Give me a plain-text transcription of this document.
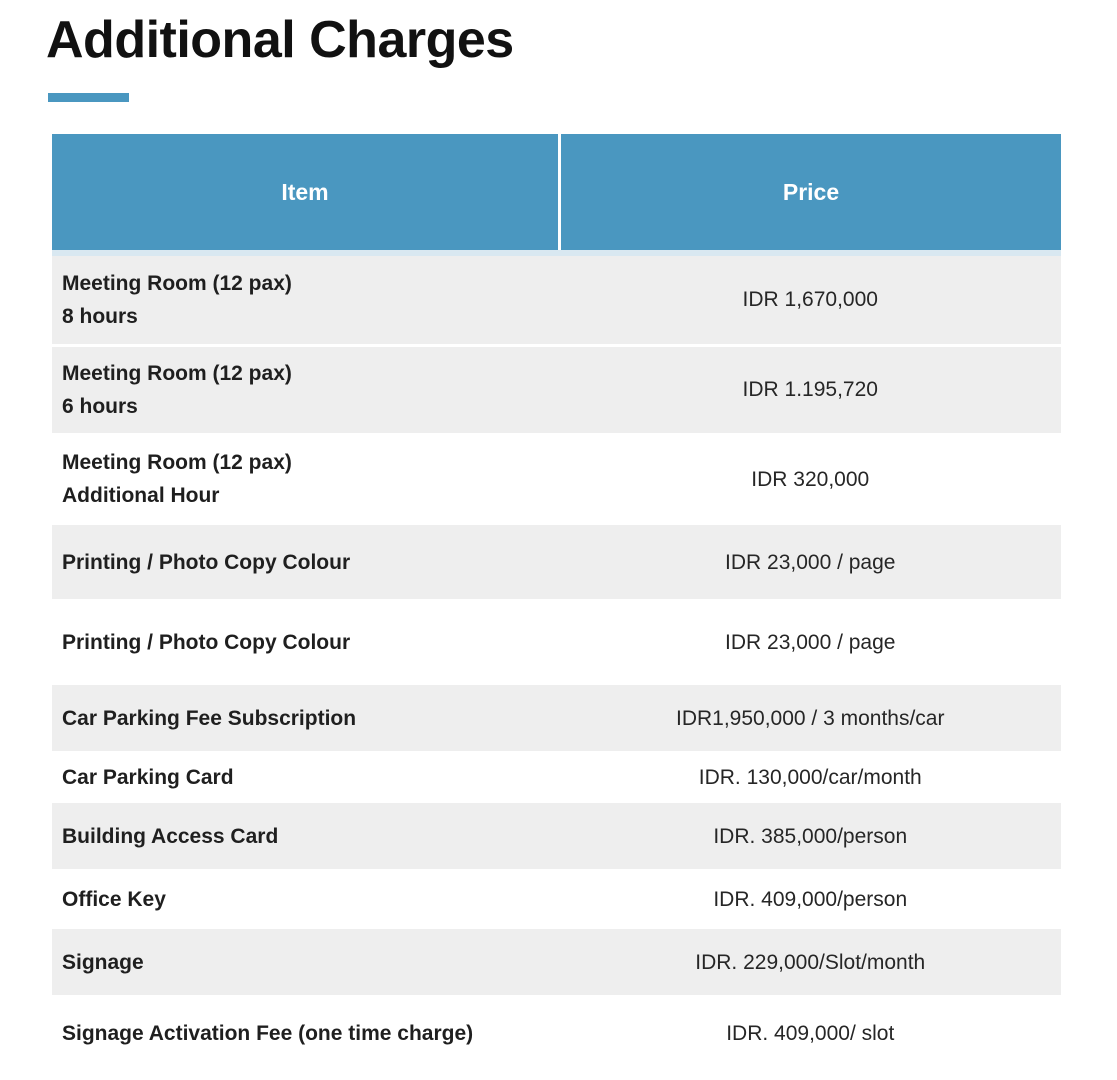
Additional Charges
Item	Price

Meeting Room (12 pax)
8 hours	IDR 1,670,000

Meeting Room (12 pax)
6 hours	IDR 1.195,720

Meeting Room (12 pax)
Additional Hour	IDR 320,000
Printing / Photo Copy Colour	IDR 23,000 / page
Printing / Photo Copy Colour	IDR 23,000 / page
Car Parking Fee Subscription	IDR1,950,000 / 3 months/car
Car Parking Card	IDR. 130,000/car/month
Building Access Card	IDR. 385,000/person
Office Key	IDR. 409,000/person
Signage	IDR. 229,000/Slot/month
Signage Activation Fee (one time charge)	IDR. 409,000/ slot
